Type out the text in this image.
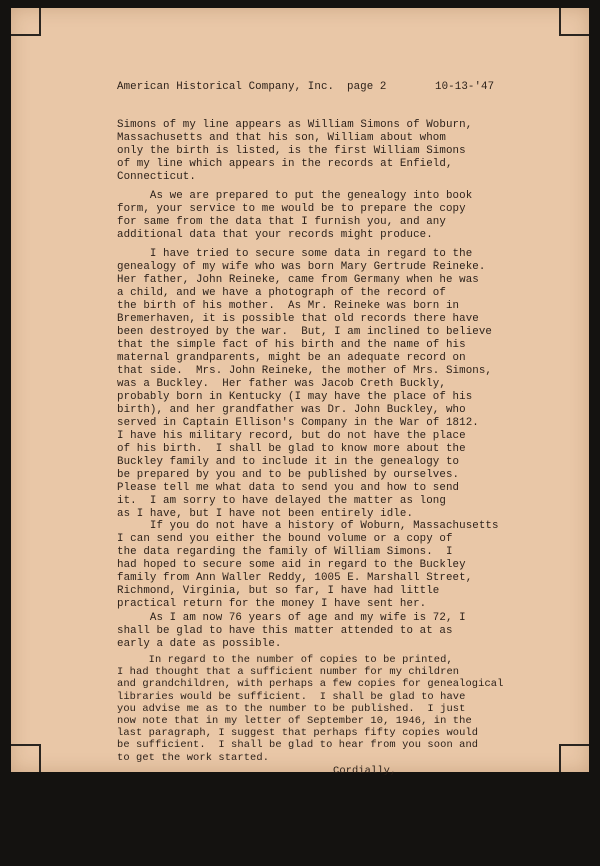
American Historical Company, Inc.

page 2

	10-13-'47

Simons of my line appears as William Simons of Woburn,

Massachusetts and that his son, William about whom

only the birth is listed, is the first William Simons

of my line which appears in the records at Enfield,

Connecticut.

As we are prepared to put the genealogy into book

form, your service to me would be to prepare the copy

for same from the data that I furnish you, and any

additional data that your records might produce.

I have tried to secure some data in regard to the

genealogy of my wife who was born Mary Gertrude Reineke.

Her father, John Reineke, came from Germany when he was

a child, and we have a photograph of the record of

the birth of his mother.  As Mr. Reineke was born in

Bremerhaven, it is possible that old records there have

been destroyed by the war.  But, I am inclined to believe

that the simple fact of his birth and the name of his

maternal grandparents, might be an adequate record on

that side.  Mrs. John Reineke, the mother of Mrs. Simons,

was a Buckley.  Her father was Jacob Creth Buckly,

probably born in Kentucky (I may have the place of his

birth), and her grandfather was Dr. John Buckley, who

served in Captain Ellison's Company in the War of 1812.

I have his military record, but do not have the place

of his birth.  I shall be glad to know more about the

Buckley family and to include it in the genealogy to

be prepared by you and to be published by ourselves.

Please tell me what data to send you and how to send

it.  I am sorry to have delayed the matter as long

as I have, but I have not been entirely idle.

If you do not have a history of Woburn, Massachusetts

I can send you either the bound volume or a copy of

the data regarding the family of William Simons.  I

had hoped to secure some aid in regard to the Buckley

family from Ann Waller Reddy, 1005 E. Marshall Street,

Richmond, Virginia, but so far, I have had little

practical return for the money I have sent her.

As I am now 76 years of age and my wife is 72, I

shall be glad to have this matter attended to at as

early a date as possible.

In regard to the number of copies to be printed,
I had thought that a sufficient number for my children
and grandchildren, with perhaps a few copies for genealogical
libraries would be sufficient.  I shall be glad to have
you advise me as to the number to be published.  I just
now note that in my letter of September 10, 1946, in the
last paragraph, I suggest that perhaps fifty copies would
be sufficient.  I shall be glad to hear from you soon and
to get the work started.
Cordially,
